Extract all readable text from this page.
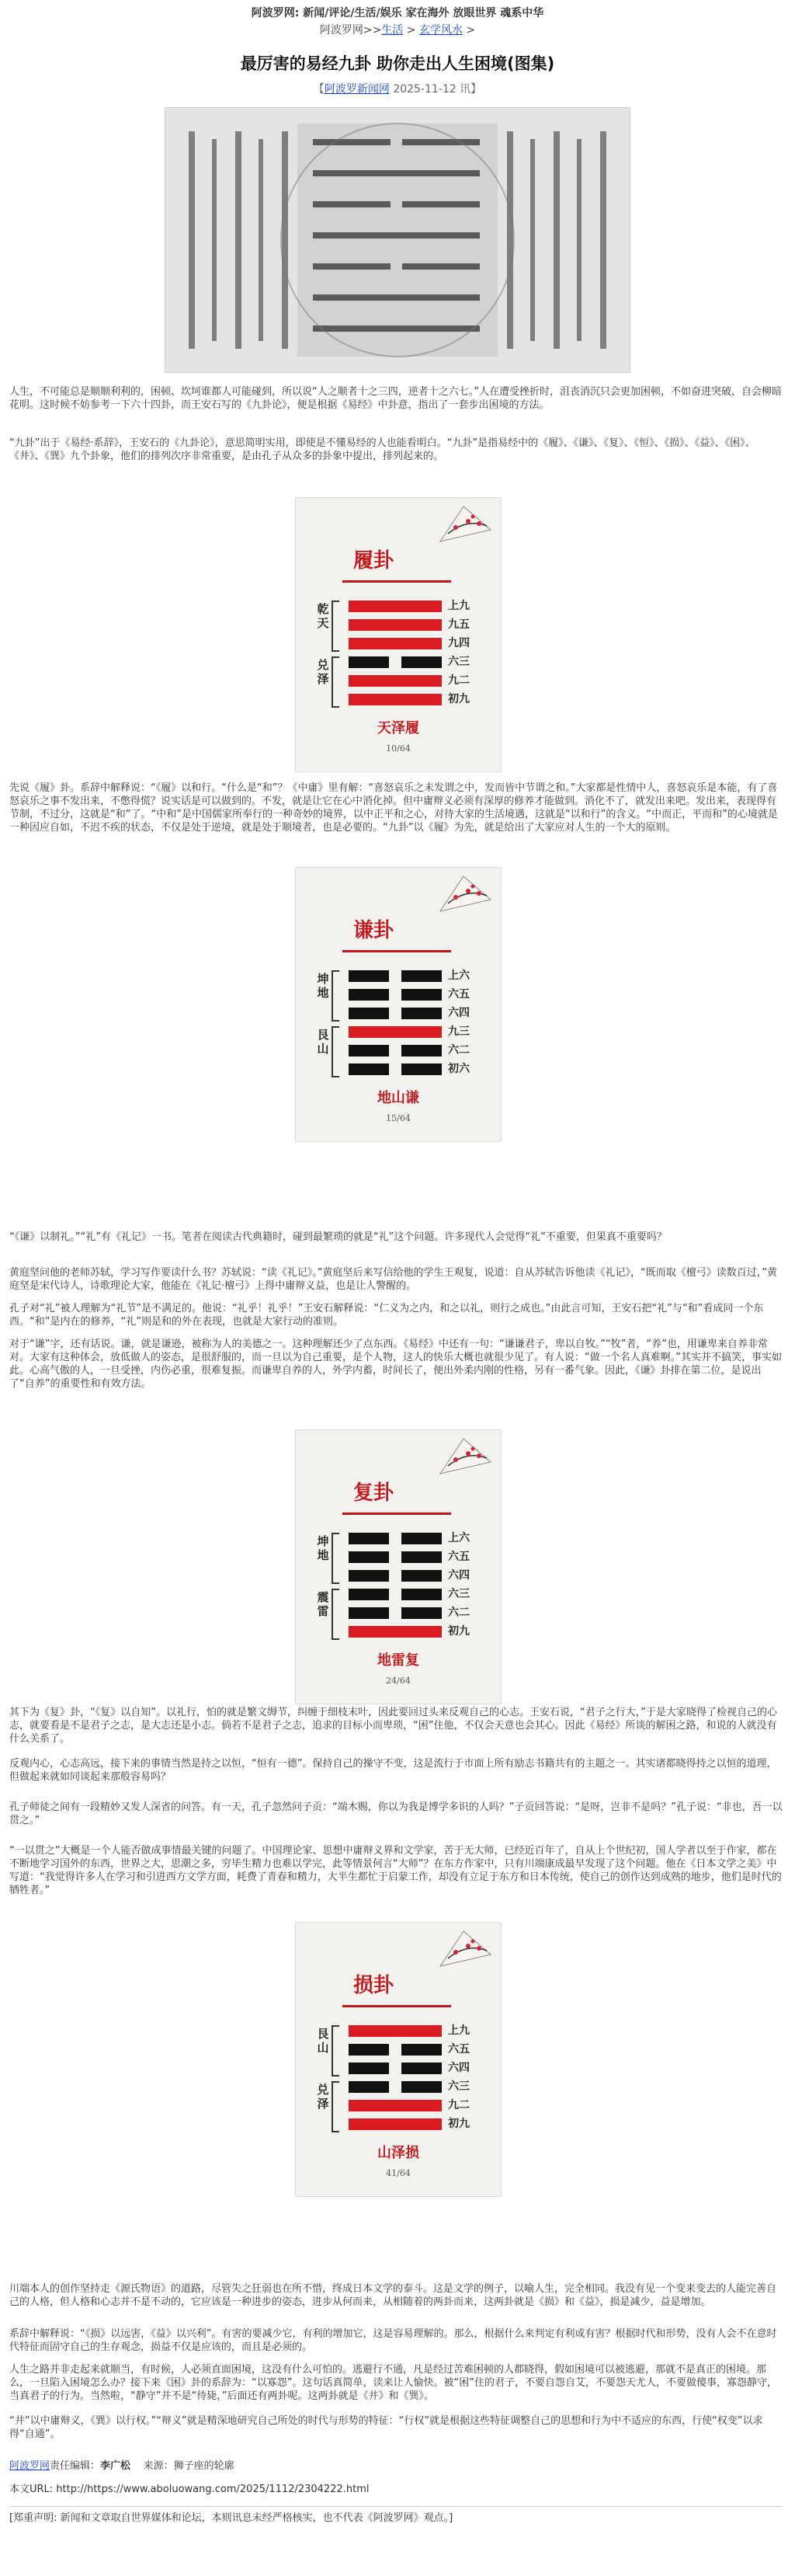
阿波罗网: 新闻/评论/生活/娱乐 家在海外 放眼世界 魂系中华
阿波罗网>>生活 > 玄学风水 >
最厉害的易经九卦 助你走出人生困境(图集)
【阿波罗新闻网 2025-11-12 讯】

人生，不可能总是顺顺利利的，困顿、坎坷谁都人可能碰到，所以说“人之顺者十之三四，逆者十之六七。”人在遭受挫折时，沮丧消沉只会更加困顿，不如奋进突破，自会柳暗花明。这时候不妨参考一下六十四卦，而王安石写的《九卦论》，便是根据《易经》中卦意，指出了一套步出困境的方法。

“九卦”出于《易经·系辞》，王安石的《九卦论》，意思简明实用，即使是不懂易经的人也能看明白。“九卦”是指易经中的《履》、《谦》、《复》、《恒》、《损》、《益》、《困》、《井》、《巽》九个卦象，他们的排列次序非常重要，是由孔子从众多的卦象中提出，排列起来的。

履卦
乾天
兑泽
上九
九五
九四
六三
九二
初九
天泽履
10/64

先说《履》卦。系辞中解释说：“《履》以和行。“什么是“和”？《中庸》里有解：“喜怒哀乐之未发谓之中，发而皆中节谓之和。”大家都是性情中人，喜怒哀乐是本能，有了喜怒哀乐之事不发出来，不憋得慌？说实话是可以做到的。不发，就是让它在心中消化掉。但中庸辩义必须有深厚的修养才能做到。消化不了，就发出来吧。发出来，表现得有节制，不过分，这就是“和”了。“中和”是中国儒家所奉行的一种奇妙的境界，以中正平和之心，对待大家的生活境遇，这就是“以和行”的含义。“中而正，平而和”的心境就是一种因应自如，不迟不疾的状态，不仅是处于逆境，就是处于顺境者，也是必要的。“九卦”以《履》为先，就是给出了大家应对人生的一个大的原则。

谦卦
坤地
艮山
上六
六五
六四
九三
六二
初六
地山谦
15/64

“《谦》以制礼。”“礼”有《礼记》一书。笔者在阅读古代典籍时，碰到最繁琐的就是“礼”这个问题。许多现代人会觉得“礼”不重要，但果真不重要吗？

黄庭坚问他的老师苏轼，学习写作要读什么书？苏轼说：“读《礼记》。”黄庭坚后来写信给他的学生王观复，说道：自从苏轼告诉他读《礼记》，“既而取《檀弓》读数百过，”黄庭坚是宋代诗人，诗歌理论大家，他能在《礼记·檀弓》上得中庸辩义益，也是让人警醒的。

孔子对“礼”被人理解为“礼节”是不满足的。他说：“礼乎！礼乎！”王安石解释说：“仁义为之内，和之以礼，则行之成也。”由此言可知，王安石把“礼”与“和”看成同一个东西。“和”是内在的修养，“礼”则是和的外在表现，也就是大家行动的准则。

对于“谦”字，还有话说。谦，就是谦逊，被称为人的美德之一。这种理解还少了点东西。《易经》中还有一句：“谦谦君子，卑以自牧。”“牧”者，“养”也，用谦卑来自养非常对。大家有这种体会，放低做人的姿态，是很舒服的，而一旦以为自己重要，是个人物，这人的快乐大概也就很少见了。有人说：“做一个名人真难啊。”其实并不搞笑，事实如此。心高气傲的人，一旦受挫，内伤必重，很难复振。而谦卑自养的人，外学内蓄，时间长了，便出外柔内刚的性格，另有一番气象。因此，《谦》卦排在第二位，是说出了“自养”的重要性和有效方法。

复卦
坤地
震雷
上六
六五
六四
六三
六二
初九
地雷复
24/64

其下为《复》卦，“《复》以自知”。以礼行，怕的就是繁文缛节，纠缠于细枝末叶，因此要回过头来反观自己的心志。王安石说，“君子之行大，”于是大家晓得了检视自己的心志，就要看是不是君子之志，是大志还是小志。倘若不是君子之志，追求的目标小而卑琐，“困”住他，不仅会天意也会其心。因此《易经》所谈的解困之路，和说的人就没有什么关系了。

反观内心，心志高远，接下来的事情当然是持之以恒，“恒有一德”。保持自己的操守不变，这是流行于市面上所有励志书籍共有的主题之一。其实诸都晓得持之以恒的道理，但做起来就如同谈起来那般容易吗？

孔子师徒之间有一段精妙又发人深省的问答。有一天，孔子忽然问子贡：“端木赐，你以为我是博学多识的人吗？”子贡回答说：“是呀，岂非不是吗？”孔子说：“非也，吾一以贯之。”

“一以贯之”大概是一个人能否做成事情最关键的问题了。中国理论家、思想中庸辩义界和文学家，苦于无大师，已经近百年了，自从上个世纪初，国人学者以至于作家，都在不断地学习国外的东西，世界之大，思潮之多，穷毕生精力也难以学完，此等情景何言“大师”？在东方作家中，只有川端康成最早发现了这个问题。他在《日本文学之美》中写道：“我觉得许多人在学习和引进西方文学方面，耗费了青春和精力，大半生都忙于启蒙工作，却没有立足于东方和日本传统，使自己的创作达到成熟的地步，他们是时代的牺牲者。”

损卦
艮山
兑泽
上九
六五
六四
六三
九二
初九
山泽损
41/64

川端本人的创作坚持走《源氏物语》的道路，尽管失之狂弱也在所不惜，终成日本文学的泰斗。这是文学的例子，以喻人生，完全相同。我没有见一个变来变去的人能完善自己的人格，但人格和心志并不是不动的，它应该是一种进步的姿态，进步从何而来，从相随着的两卦而来，这两卦就是《损》和《益》，损是减少，益是增加。

系辞中解释说：“《损》以远害，《益》以兴利”。有害的要减少它，有利的增加它，这是容易理解的。那么，根据什么来判定有利或有害？根据时代和形势，没有人会不在意时代特征而固守自己的生存观念，损益不仅是应该的，而且是必须的。

人生之路并非走起来就顺当，有时候，人必须直面困境，这没有什么可怕的。逃避行不通，凡是经过苦难困顿的人都晓得，假如困境可以被逃避，那就不是真正的困境。那么，一旦陷入困境怎么办？接下来《困》卦的系辞为：“以寡怨”。这句话真简单，读来让人愉快。被“困”住的君子，不要自怨自艾，不要怨天尤人，不要做傻事，寡怨静守，当真君子的行为。当然啦，“静守”并不是“待毙，”后面还有两卦呢。这两卦就是《井》和《巽》。

“井”以中庸辩义，《巽》以行权。”“辩义”就是精深地研究自己所处的时代与形势的特征：“行权”就是根据这些特征调整自己的思想和行为中不适应的东西，行使“权变”以求得“自通”。

阿波罗网责任编辑：李广松 来源：狮子座的轮廓
本文URL: http://https://www.aboluowang.com/2025/1112/2304222.html
[郑重声明: 新闻和文章取自世界媒体和论坛，本则讯息未经严格核实，也不代表《阿波罗网》观点。]
